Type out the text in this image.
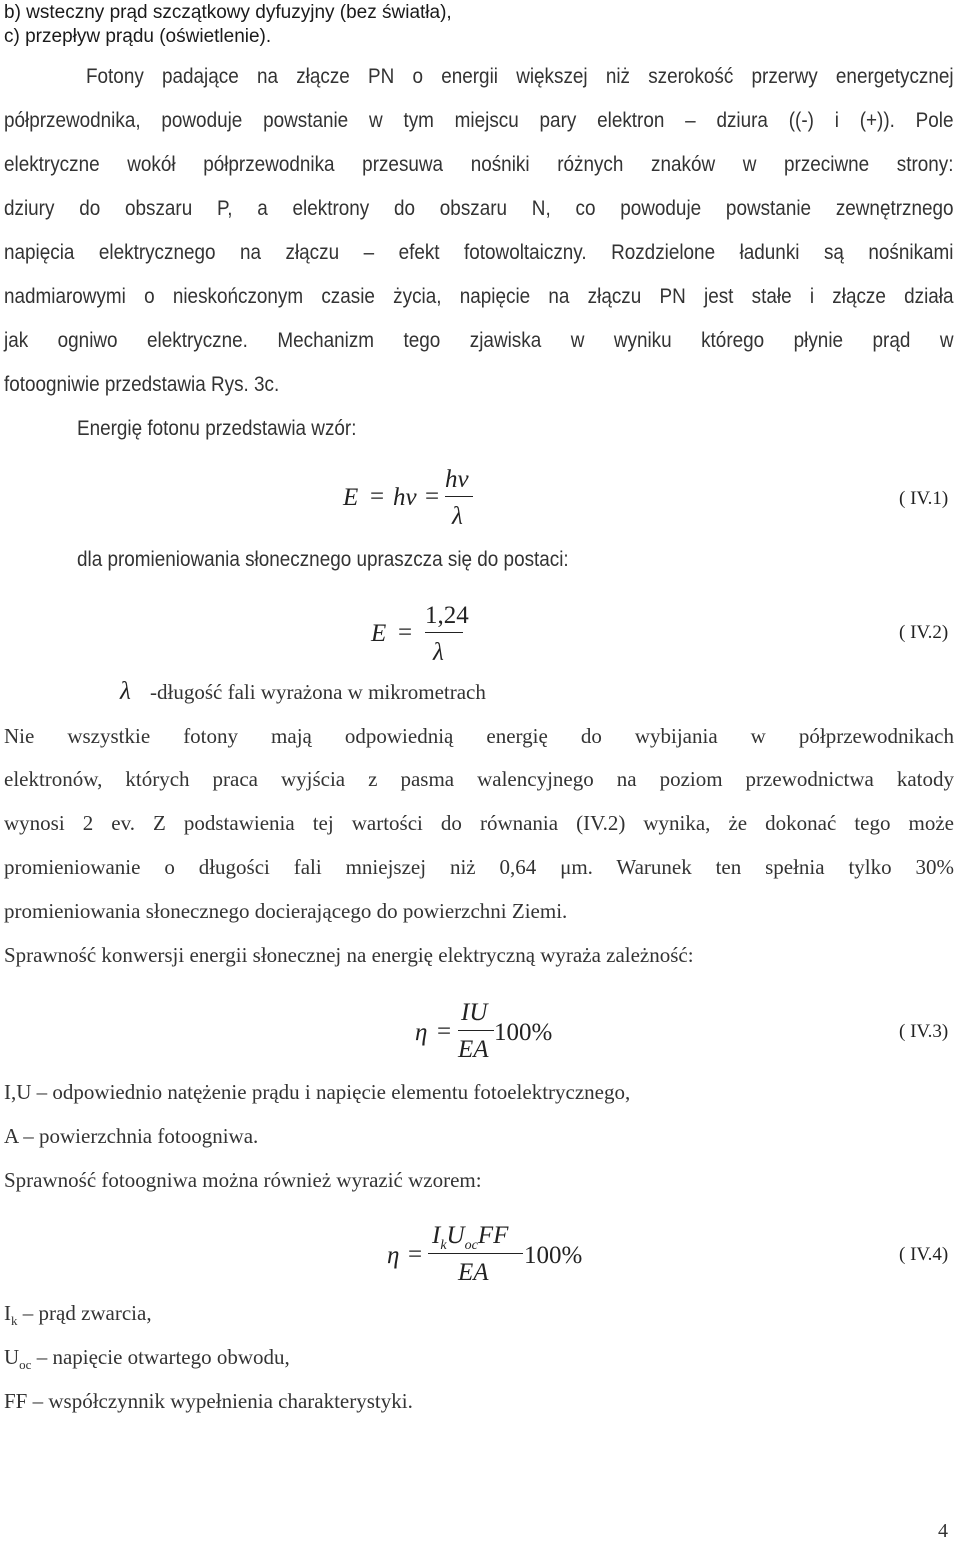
b) wsteczny prąd szczątkowy dyfuzyjny (bez światła),
c) przepływ prądu (oświetlenie).
Fotony padające na złącze PN o energii większej niż szerokość przerwy energetycznej
półprzewodnika, powoduje powstanie w tym miejscu pary elektron – dziura ((-) i (+)). Pole
elektryczne wokół półprzewodnika przesuwa nośniki różnych znaków w przeciwne strony:
dziury do obszaru P, a elektrony do obszaru N, co powoduje powstanie zewnętrznego
napięcia elektrycznego na złączu – efekt fotowoltaiczny. Rozdzielone ładunki są nośnikami
nadmiarowymi o nieskończonym czasie życia, napięcie na złączu PN jest stałe i złącze działa
jak ogniwo elektryczne. Mechanizm tego zjawiska w wyniku którego płynie prąd w
fotoogniwie przedstawia Rys. 3c.
Energię fotonu przedstawia wzór:
E = hν =
hν
λ
( IV.1)
dla promieniowania słonecznego upraszcza się do postaci:
E =
1,24
λ
( IV.2)
λ -długość fali wyrażona w mikrometrach
Nie wszystkie fotony mają odpowiednią energię do wybijania w półprzewodnikach
elektronów, których praca wyjścia z pasma walencyjnego na poziom przewodnictwa katody
wynosi 2 ev. Z podstawienia tej wartości do równania (IV.2) wynika, że dokonać tego może
promieniowanie o długości fali mniejszej niż 0,64 μm. Warunek ten spełnia tylko 30%
promieniowania słonecznego docierającego do powierzchni Ziemi.
Sprawność konwersji energii słonecznej na energię elektryczną wyraża zależność:
η =
IU
EA
100%	( IV.3)
I,U – odpowiednio natężenie prądu i napięcie elementu fotoelektrycznego,
A – powierzchnia fotoogniwa.
Sprawność fotoogniwa można również wyrazić wzorem:
η =
$I_kU_{oc}FF$
EA
100%	( IV.4)
$I_k$ – prąd zwarcia,
$U_{oc}$ – napięcie otwartego obwodu,
FF – współczynnik wypełnienia charakterystyki.
4
